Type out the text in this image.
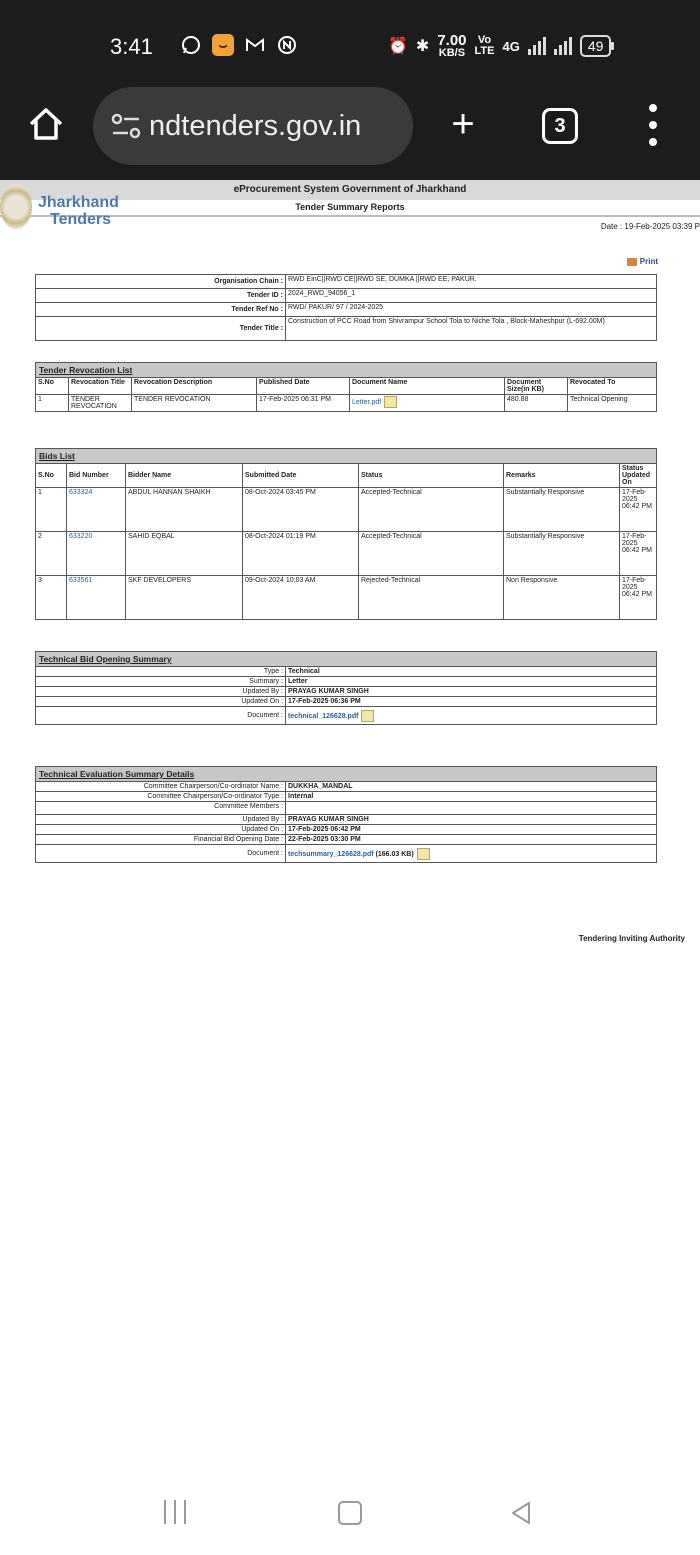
3:41	⌣	⏰ ✱ 7.00
KB/S
Vo
LTE 4G	49
ndtenders.gov.in +	3
eProcurement System Government of Jharkhand
Tender Summary Reports
Jharkhand
Tenders	Date : 19-Feb-2025 03:39 P
Print
Organisation Chain :	RWD EinC||RWD CE||RWD SE, DUMKA ||RWD EE, PAKUR.
Tender ID :	2024_RWD_94056_1
Tender Ref No :	RWD/ PAKUR/ 97 / 2024-2025
Tender Title :	Construction of PCC Road from Shivrampur School Tola to Niche Tola , Block-Maheshpur (L-692.00M)
Tender Revocation List						
S.No	Revocation Title	Revocation Description	Published Date	Document Name	Document Size(in KB)	Revocated To
1	TENDER REVOCATION	TENDER REVOCATION	17-Feb-2025 06:31 PM	Letter.pdf	480.88	Technical Opening
Bids List						
S.No	Bid Number	Bidder Name	Submitted Date	Status	Remarks	Status Updated On
1	633324	ABDUL HANNAN SHAIKH	08-Oct-2024 03:45 PM	Accepted-Technical	Substantially Responsive	17-Feb-2025 06:42 PM
2	633220	SAHID EQBAL	08-Oct-2024 01:19 PM	Accepted-Technical	Substantially Responsive	17-Feb-2025 06:42 PM
3	633561	SKF DEVELOPERS	09-Oct-2024 10:03 AM	Rejected-Technical	Non Responsive	17-Feb-2025 06:42 PM
Technical Bid Opening Summary	
Type :	Technical
Summary :	Letter
Updated By :	PRAYAG KUMAR SINGH
Updated On :	17-Feb-2025 06:36 PM
Document :	technical_126628.pdf
Technical Evaluation Summary Details	
Committee Chairperson/Co-ordinator Name :	DUKKHA_MANDAL
Committee Chairperson/Co-ordinator Type :	Internal
Committee Members :	
Updated By :	PRAYAG KUMAR SINGH
Updated On :	17-Feb-2025 06:42 PM
Financial Bid Opening Date :	22-Feb-2025 03:30 PM
Document :	techsummary_126628.pdf (166.03 KB)
Tendering Inviting Authority
